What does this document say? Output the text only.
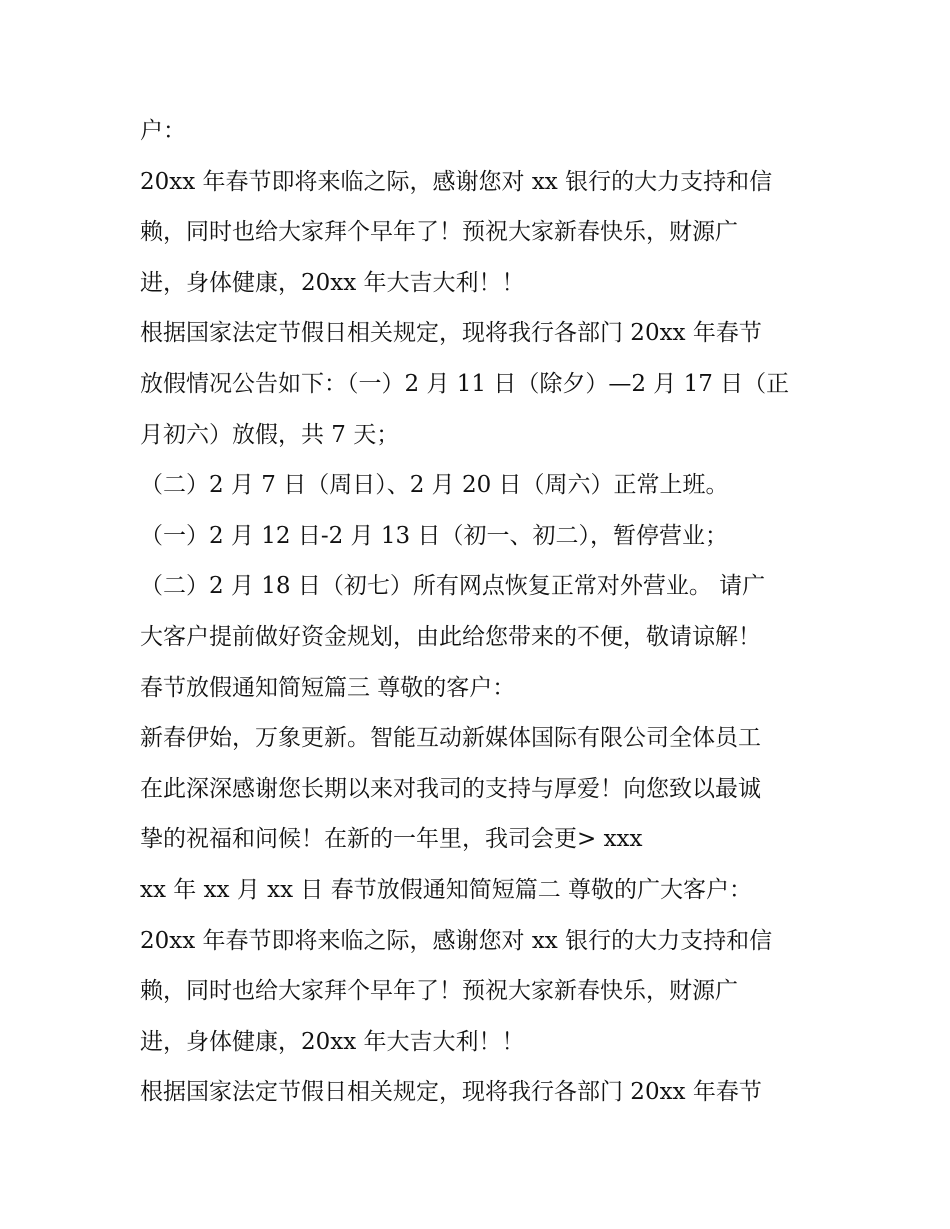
户：
20xx 年春节即将来临之际，感谢您对 xx 银行的大力支持和信
赖，同时也给大家拜个早年了！预祝大家新春快乐，财源广
进，身体健康，20xx 年大吉大利！！
根据国家法定节假日相关规定，现将我行各部门 20xx 年春节
放假情况公告如下：（一）2 月 11 日（除夕）—2 月 17 日（正
月初六）放假，共 7 天；
（二）2 月 7 日（周日）、2 月 20 日（周六）正常上班。
（一）2 月 12 日-2 月 13 日（初一、初二），暂停营业；
（二）2 月 18 日（初七）所有网点恢复正常对外营业。 请广
大客户提前做好资金规划，由此给您带来的不便，敬请谅解！
春节放假通知简短篇三 尊敬的客户：
新春伊始，万象更新。智能互动新媒体国际有限公司全体员工
在此深深感谢您长期以来对我司的支持与厚爱！向您致以最诚
挚的祝福和问候！在新的一年里，我司会更> xxx
xx 年 xx 月 xx 日 春节放假通知简短篇二 尊敬的广大客户：
20xx 年春节即将来临之际，感谢您对 xx 银行的大力支持和信
赖，同时也给大家拜个早年了！预祝大家新春快乐，财源广
进，身体健康，20xx 年大吉大利！！
根据国家法定节假日相关规定，现将我行各部门 20xx 年春节
